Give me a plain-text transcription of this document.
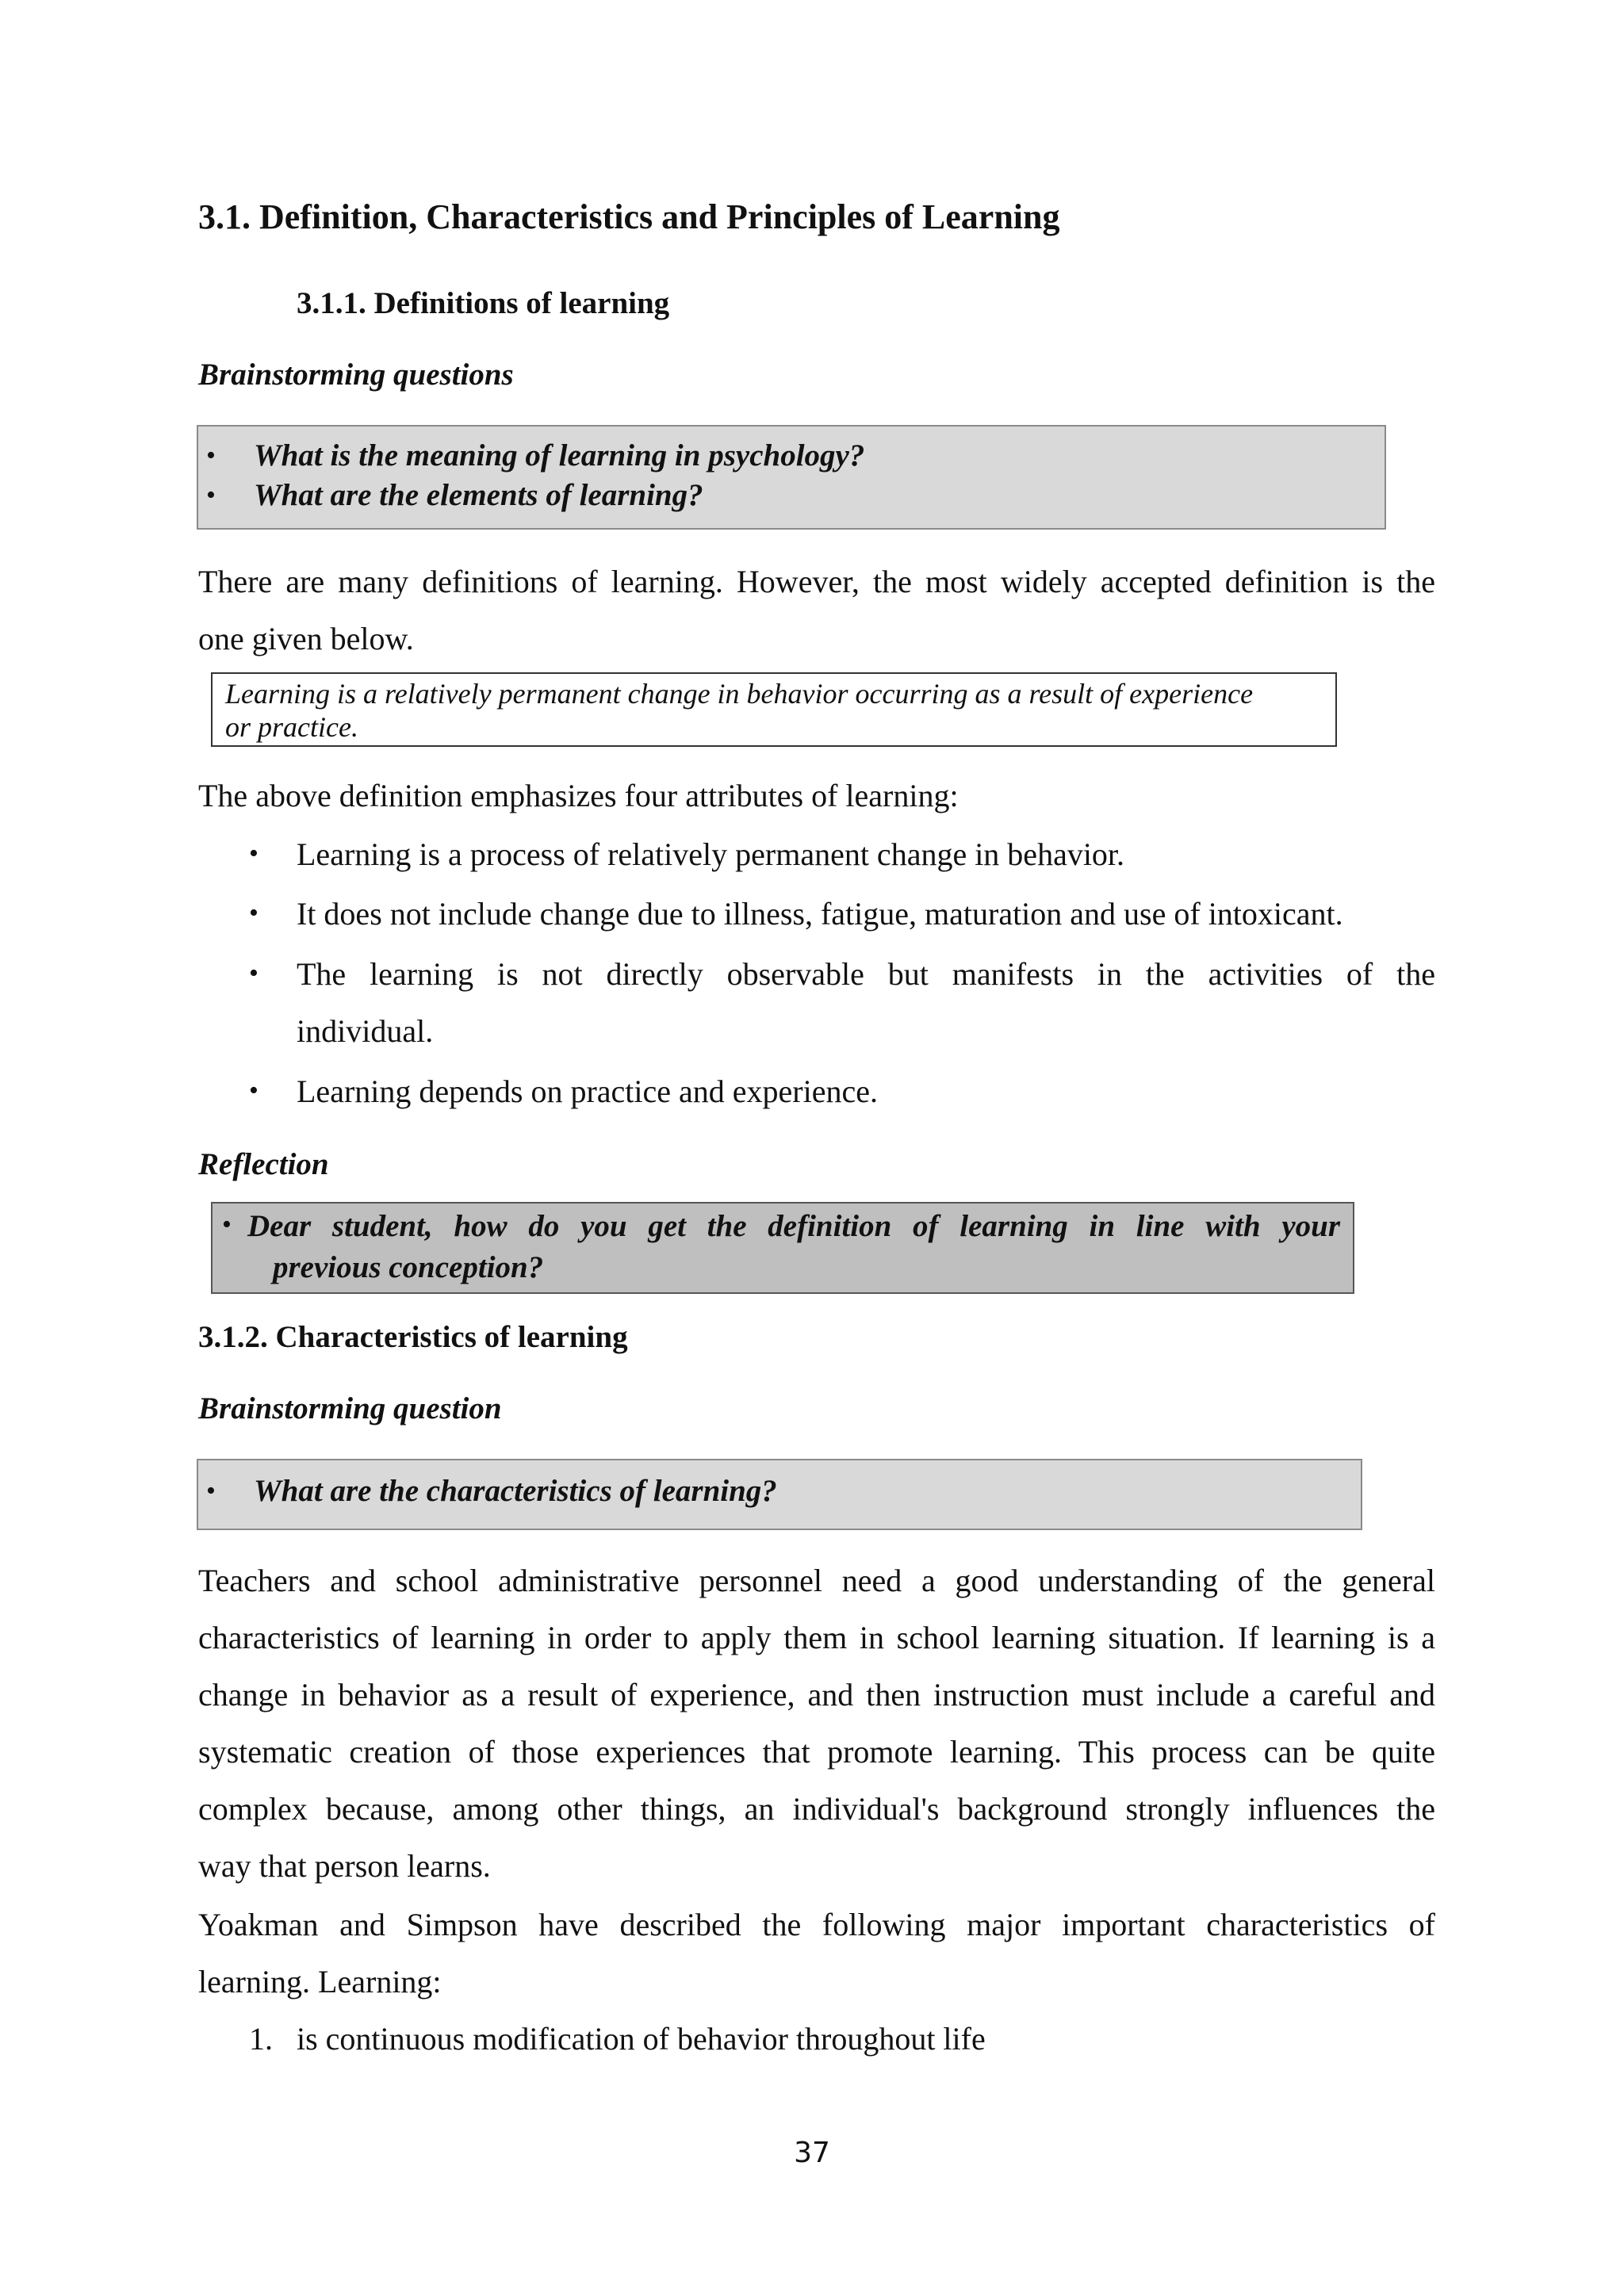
3.1. Definition, Characteristics and Principles of Learning
3.1.1. Definitions of learning
Brainstorming questions
• What is the meaning of learning in psychology?
• What are the elements of learning?
There are many definitions of learning. However, the most widely accepted definition is the
one given below.
Learning is a relatively permanent change in behavior occurring as a result of experience
or practice.
The above definition emphasizes four attributes of learning:
• Learning is a process of relatively permanent change in behavior.
• It does not include change due to illness, fatigue, maturation and use of intoxicant.
• The learning is not directly observable but manifests in the activities of the
individual.
• Learning depends on practice and experience.
Reflection
• Dear student, how do you get the definition of learning in line with your
previous conception?
3.1.2. Characteristics of learning
Brainstorming question
• What are the characteristics of learning?
Teachers and school administrative personnel need a good understanding of the general
characteristics of learning in order to apply them in school learning situation. If learning is a
change in behavior as a result of experience, and then instruction must include a careful and
systematic creation of those experiences that promote learning. This process can be quite
complex because, among other things, an individual's background strongly influences the
way that person learns.
Yoakman and Simpson have described the following major important characteristics of
learning. Learning:
1. is continuous modification of behavior throughout life
37
